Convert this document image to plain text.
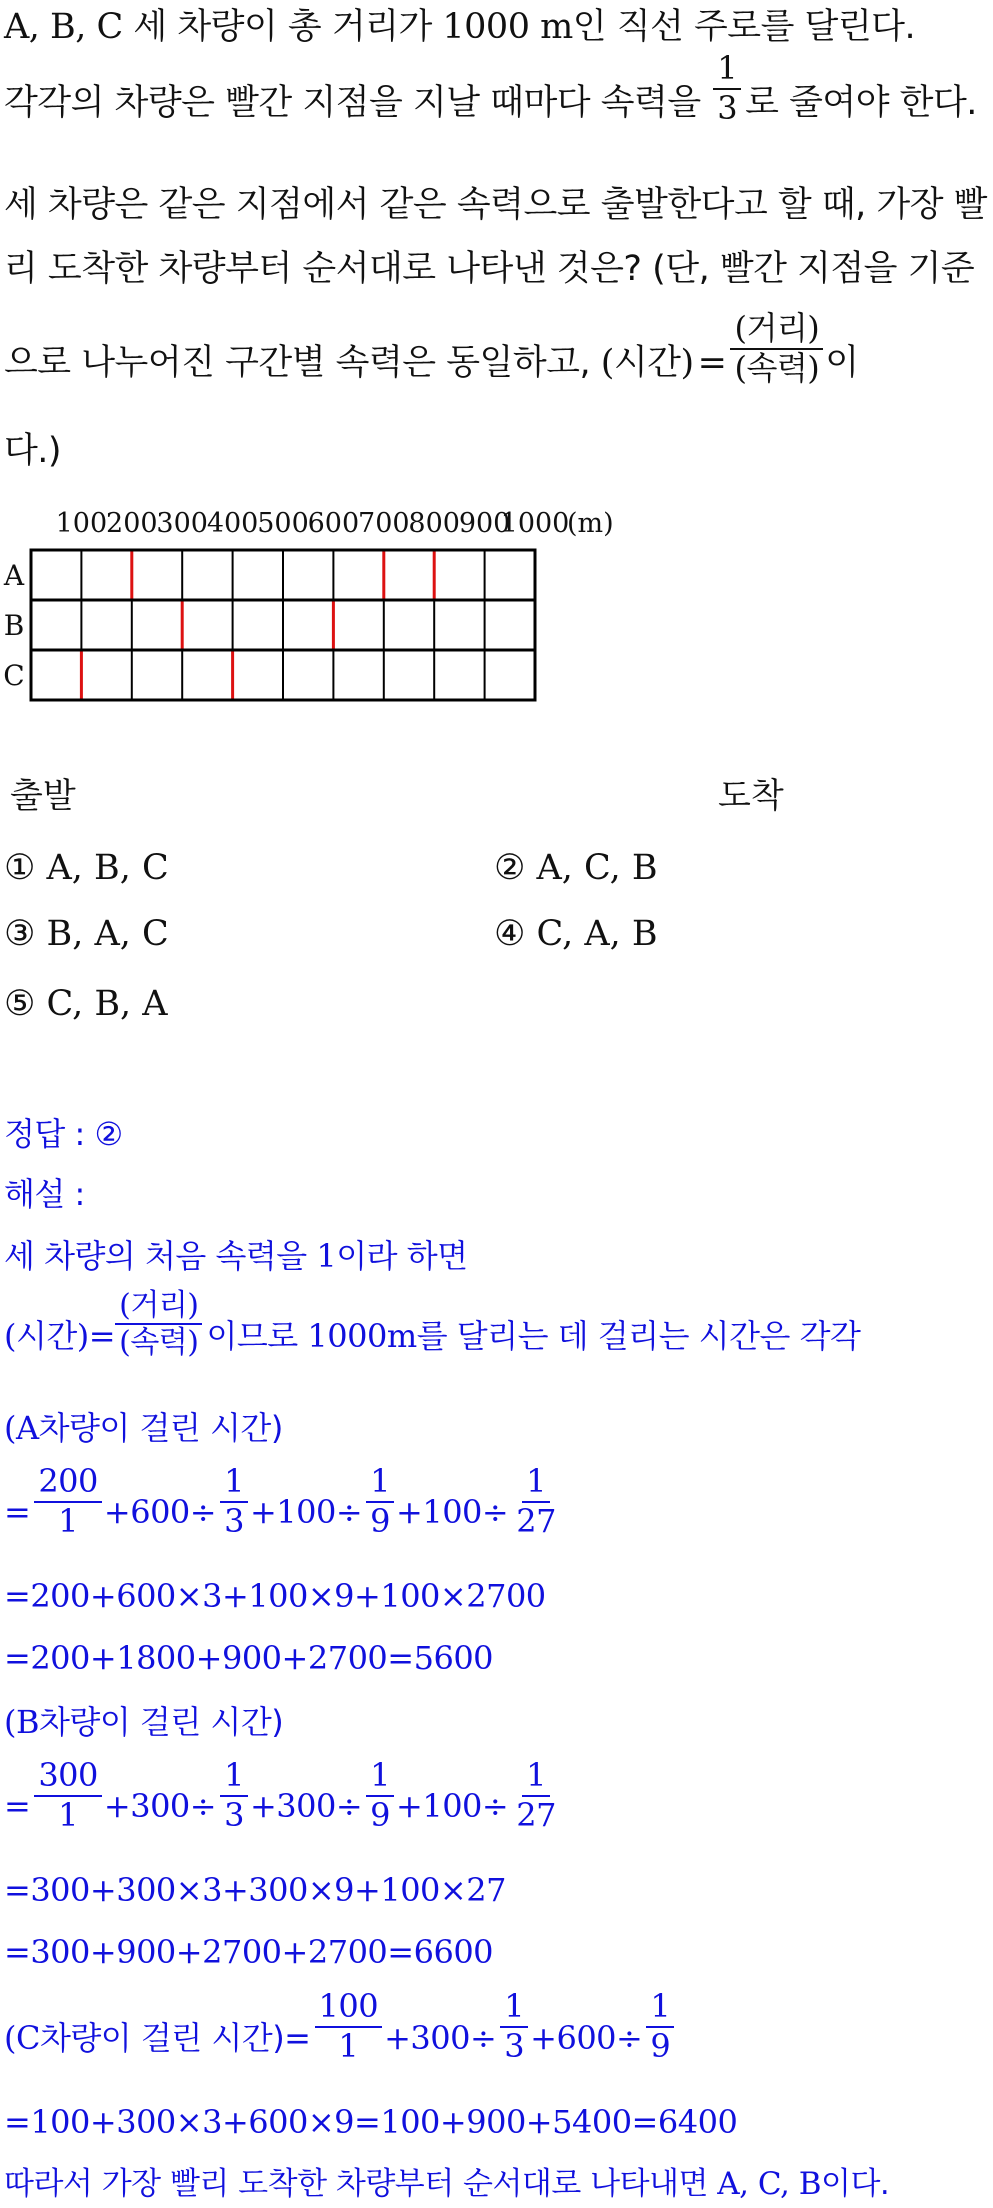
A, B, C 세 차량이 총 거리가 1000 m인 직선 주로를 달린다.
각각의 차량은 빨간 지점을 지날 때마다 속력을 $\frac{1}{3}$ 로 줄여야 한다.
세 차량은 같은 지점에서 같은 속력으로 출발한다고 할 때, 가장 빨
리 도착한 차량부터 순서대로 나타낸 것은? (단, 빨간 지점을 기준
으로 나누어진 구간별 속력은 동일하고, (시간) = $\frac{\text{(거리)}}{\text{(속력)}}$ 이
다.)
100
200
300
400
500
600
700
800
900
1000
(m)
A
B
C
출발	도착
① A, B, C	② A, C, B
③ B, A, C	④ C, A, B
⑤ C, B, A
정답 : ②
해설 :
세 차량의 처음 속력을 1이라 하면
(시간)= $\frac{\text{(거리)}}{\text{(속력)}}$ 이므로 1000m를 달리는 데 걸리는 시간은 각각
(A차량이 걸린 시간)
= $\frac{200}{1} +600\div \frac{1}{3} +100\div \frac{1}{9} +100\div \frac{1}{27}$
=200+600×3+100×9+100×2700
=200+1800+900+2700=5600
(B차량이 걸린 시간)
= $\frac{300}{1} +300\div \frac{1}{3} +300\div \frac{1}{9} +100\div \frac{1}{27}$
=300+300×3+300×9+100×27
=300+900+2700+2700=6600
(C차량이 걸린 시간)= $\frac{100}{1} +300\div \frac{1}{3} +600\div \frac{1}{9}$
=100+300×3+600×9=100+900+5400=6400
따라서 가장 빨리 도착한 차량부터 순서대로 나타내면 A, C, B이다.
